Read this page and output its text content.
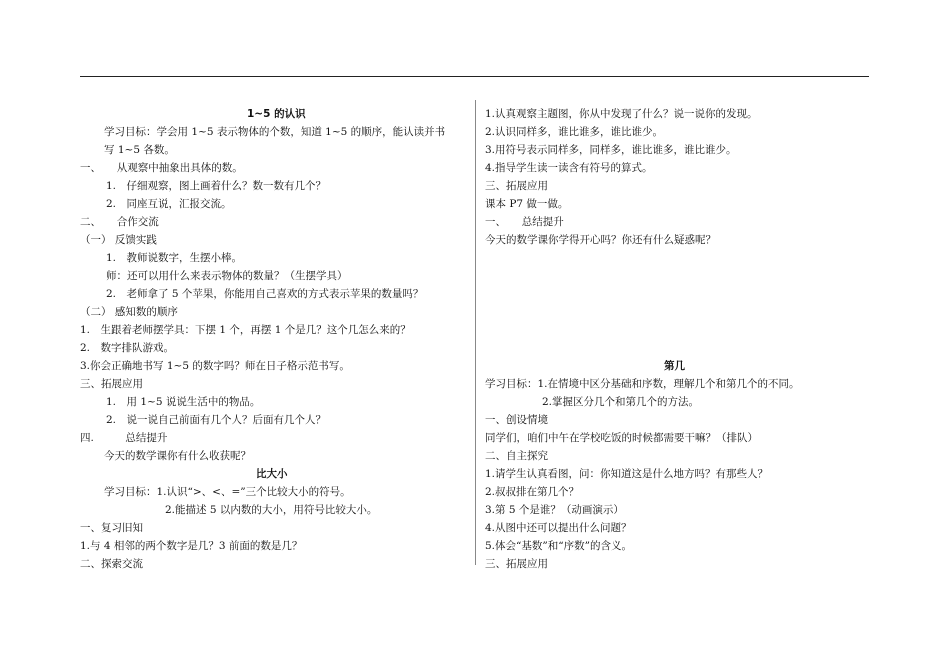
1~5 的认识
学习目标：学会用 1~5 表示物体的个数，知道 1~5 的顺序，能认读并书
写 1~5 各数。
一、　　从观察中抽象出具体的数。
1.　仔细观察，图上画着什么？数一数有几个？
2.　同座互说，汇报交流。
二、　　合作交流
（一） 反馈实践
1.　教师说数字，生摆小棒。
师：还可以用什么来表示物体的数量？（生摆学具）
2.　老师拿了 5 个苹果，你能用自己喜欢的方式表示苹果的数量吗？
（二） 感知数的顺序
1.　生跟着老师摆学具：下摆 1 个，再摆 1 个是几？这个几怎么来的？
2.　数字排队游戏。
3.你会正确地书写 1~5 的数字吗？师在日子格示范书写。
三、拓展应用
1.　用 1~5 说说生活中的物品。
2.　说一说自己前面有几个人？后面有几个人？
四.　　　总结提升
今天的数学课你有什么收获呢？
比大小
学习目标：1.认识“>、<、=”三个比较大小的符号。
2.能描述 5 以内数的大小，用符号比较大小。
一、复习旧知
1.与 4 相邻的两个数字是几？3 前面的数是几？
二、探索交流
1.认真观察主题图，你从中发现了什么？说一说你的发现。
2.认识同样多，谁比谁多，谁比谁少。
3.用符号表示同样多，同样多，谁比谁多，谁比谁少。
4.指导学生读一读含有符号的算式。
三、拓展应用
课本 P7 做一做。
一、　　总结提升
今天的数学课你学得开心吗？你还有什么疑惑呢？
第几
学习目标：1.在情境中区分基础和序数，理解几个和第几个的不同。
2.掌握区分几个和第几个的方法。
一、创设情境
同学们，咱们中午在学校吃饭的时候都需要干嘛？（排队）
二、自主探究
1.请学生认真看图，问：你知道这是什么地方吗？有那些人？
2.叔叔排在第几个？
3.第 5 个是谁？（动画演示）
4.从图中还可以提出什么问题？
5.体会“基数”和“序数”的含义。
三、拓展应用
